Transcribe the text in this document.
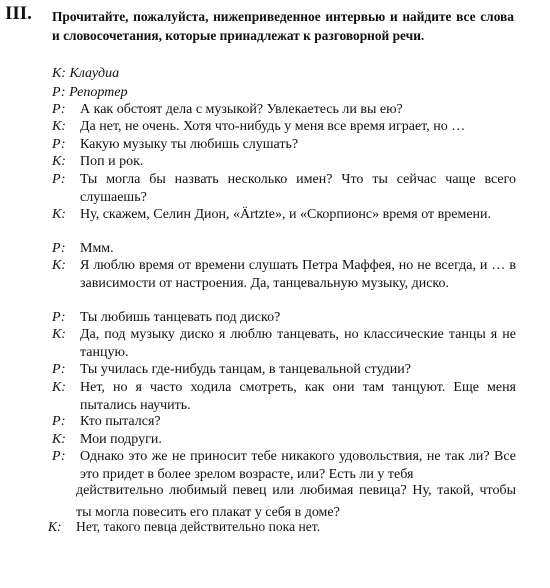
III. Прочитайте, пожалуйста, нижеприведенное интервью и найдите все слова и словосочетания, которые принадлежат к разговорной речи.
К: Клаудиа
Р: Репортер
Р: А как обстоят дела с музыкой? Увлекаетесь ли вы ею?
К: Да нет, не очень. Хотя что-нибудь у меня все время играет, но …
Р: Какую музыку ты любишь слушать?
К: Поп и рок.
Р: Ты могла бы назвать несколько имен? Что ты сейчас чаще всего слушаешь?
К: Ну, скажем, Селин Дион, «Ärtzte», и «Скорпионс» время от времени.
Р: Ммм.
К: Я люблю время от времени слушать Петра Маффея, но не всегда, и … в зависимости от настроения. Да, танцевальную музыку, диско.
Р: Ты любишь танцевать под диско?
К: Да, под музыку диско я люблю танцевать, но классические танцы я не танцую.
Р: Ты училась где-нибудь танцам, в танцевальной студии?
К: Нет, но я часто ходила смотреть, как они там танцуют. Еще меня пытались научить.
Р: Кто пытался?
К: Мои подруги.
Р: Однако это же не приносит тебе никакого удовольствия, не так ли? Все это придет в более зрелом возрасте, или? Есть ли у тебя
действительно любимый певец или любимая певица? Ну, такой, чтобы ты могла повесить его плакат у себя в доме?
К: Нет, такого певца действительно пока нет.
